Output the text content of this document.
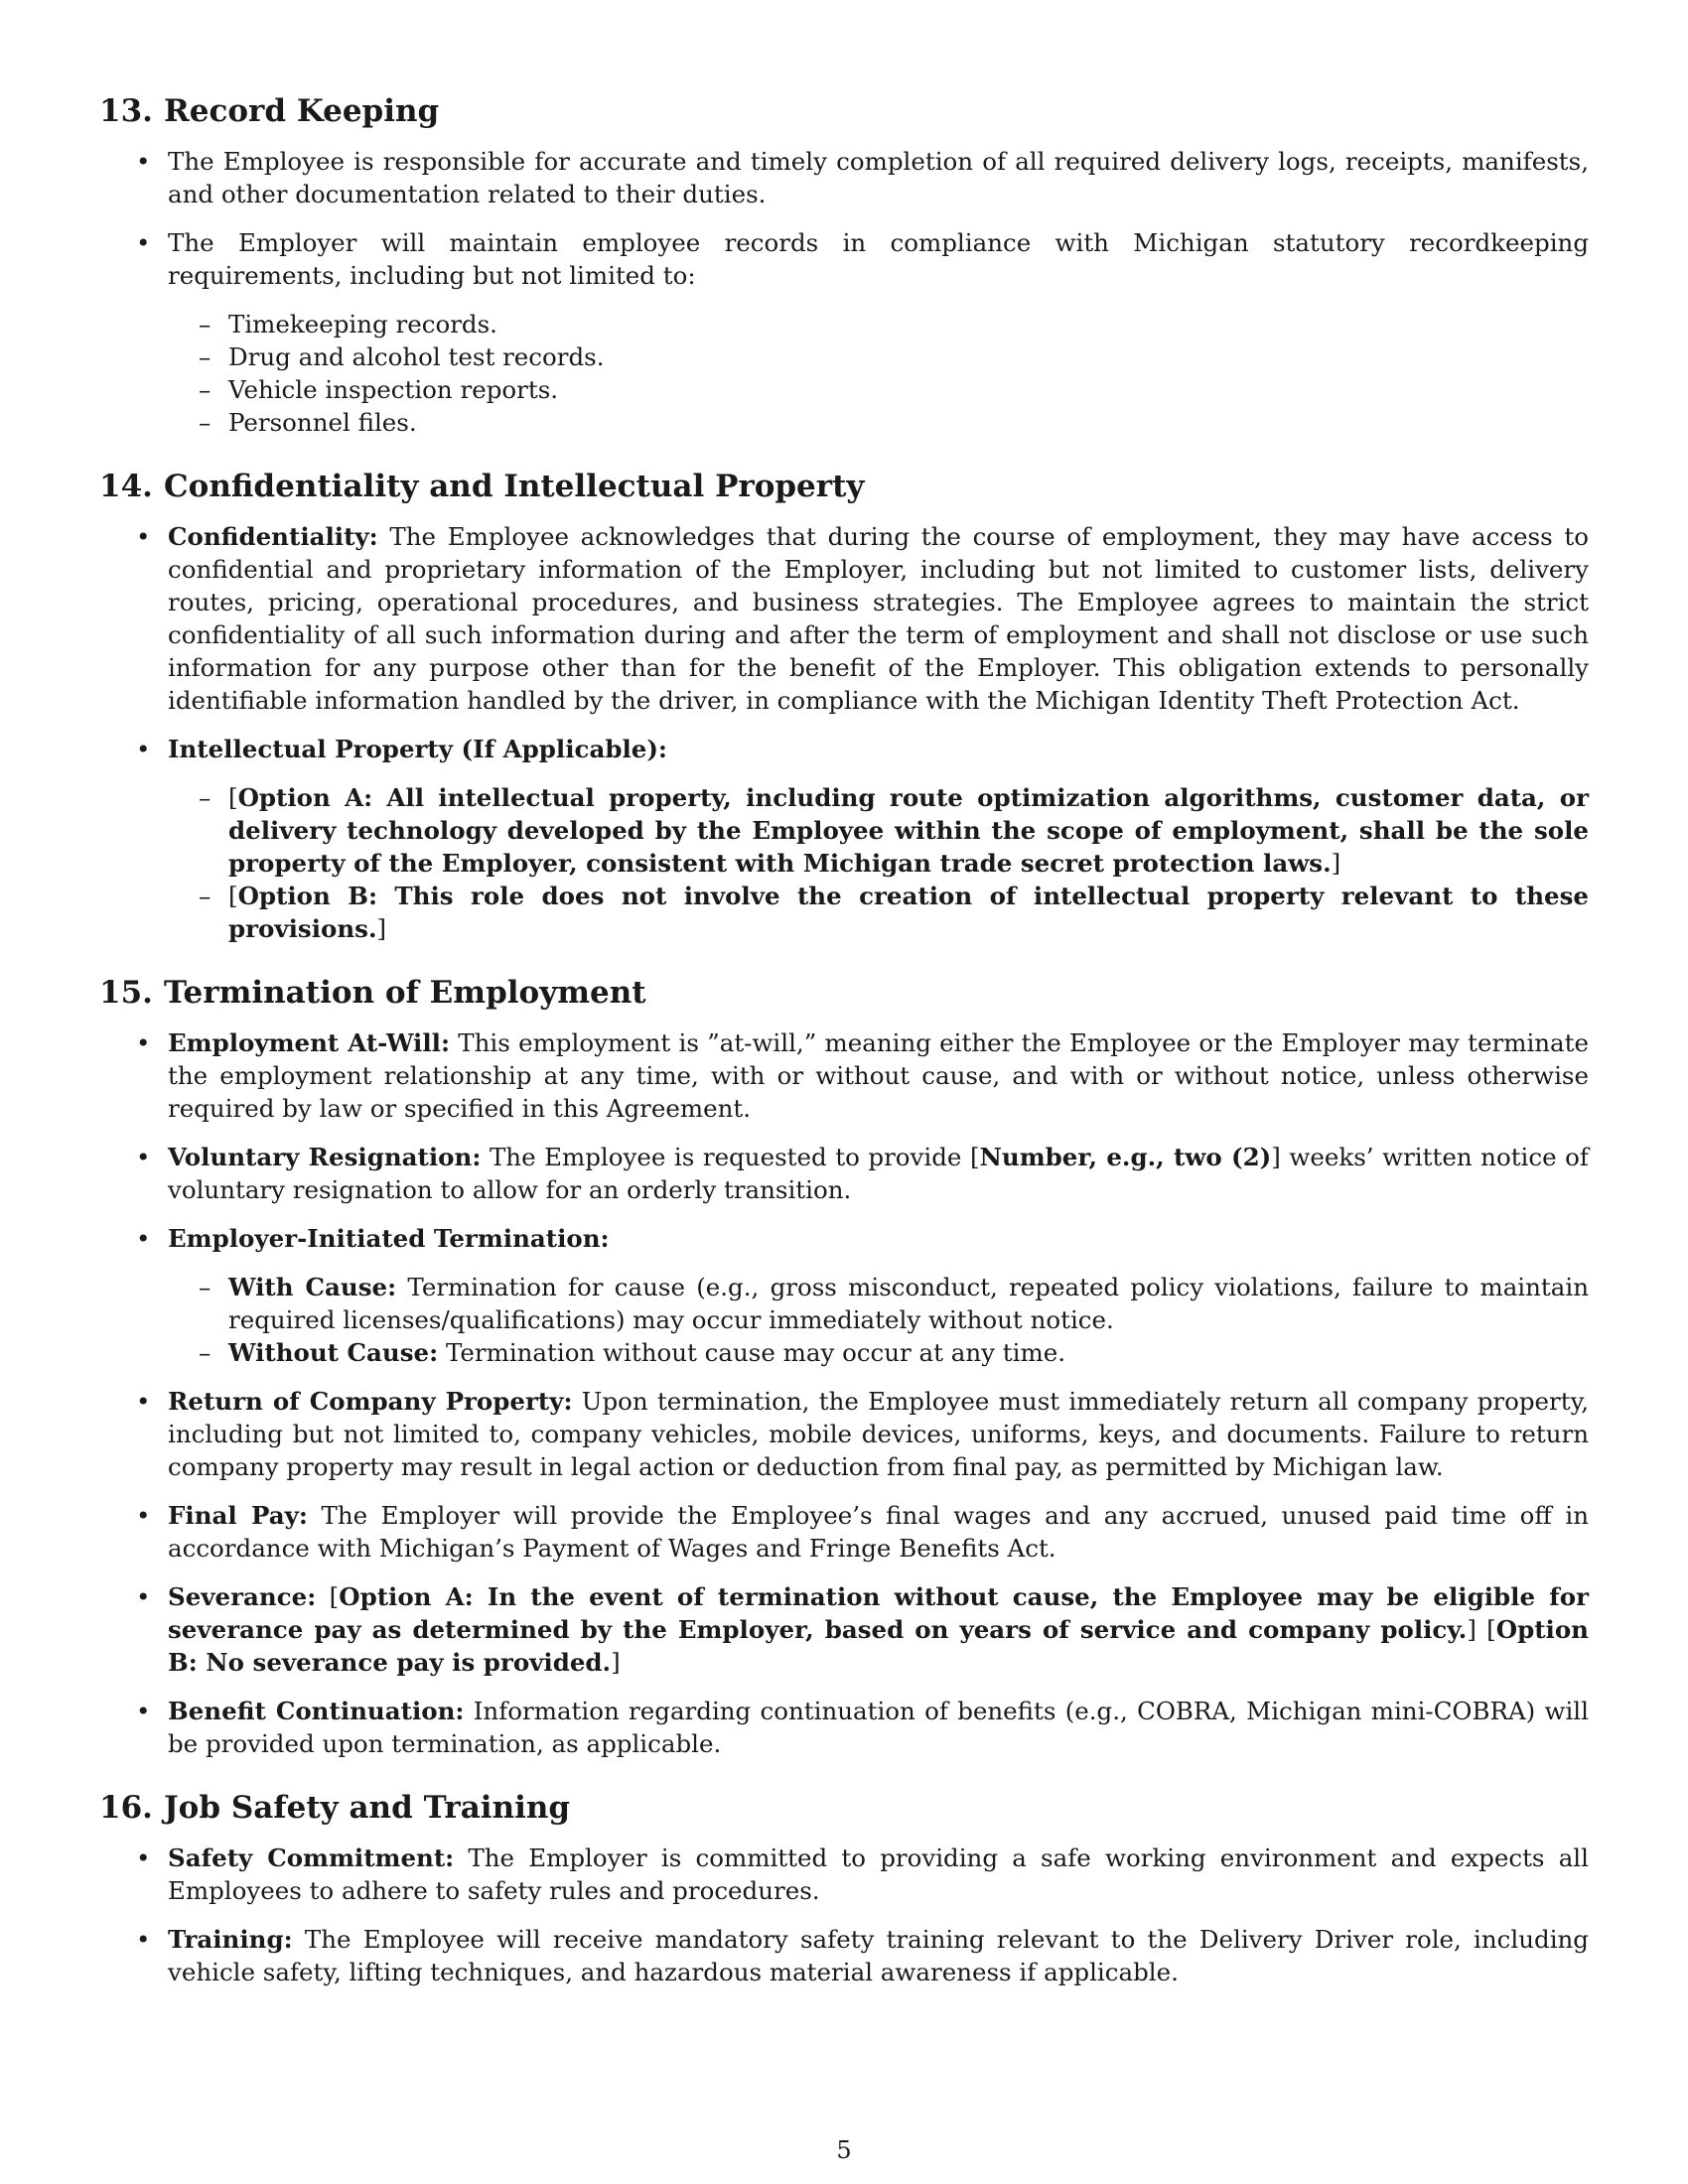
13. Record Keeping
• The Employee is responsible for accurate and timely completion of all required delivery logs, receipts, manifests, and other documentation related to their duties.
• The Employer will maintain employee records in compliance with Michigan statutory recordkeeping requirements, including but not limited to:
– Timekeeping records.
– Drug and alcohol test records.
– Vehicle inspection reports.
– Personnel files.
14. Confidentiality and Intellectual Property
• Confidentiality: The Employee acknowledges that during the course of employment, they may have access to confidential and proprietary information of the Employer, including but not limited to customer lists, delivery routes, pricing, operational procedures, and business strategies. The Employee agrees to maintain the strict confidentiality of all such information during and after the term of employment and shall not disclose or use such information for any purpose other than for the benefit of the Employer. This obligation extends to personally identifiable information handled by the driver, in compliance with the Michigan Identity Theft Protection Act.
• Intellectual Property (If Applicable):
– [Option A: All intellectual property, including route optimization algorithms, customer data, or delivery technology developed by the Employee within the scope of employment, shall be the sole property of the Employer, consistent with Michigan trade secret protection laws.]
– [Option B: This role does not involve the creation of intellectual property relevant to these provisions.]
15. Termination of Employment
• Employment At-Will: This employment is ”at-will,” meaning either the Employee or the Employer may terminate the employment relationship at any time, with or without cause, and with or without notice, unless otherwise required by law or specified in this Agreement.
• Voluntary Resignation: The Employee is requested to provide [Number, e.g., two (2)] weeks’ written notice of voluntary resignation to allow for an orderly transition.
• Employer-Initiated Termination:
– With Cause: Termination for cause (e.g., gross misconduct, repeated policy violations, failure to maintain required licenses/qualifications) may occur immediately without notice.
– Without Cause: Termination without cause may occur at any time.
• Return of Company Property: Upon termination, the Employee must immediately return all company property, including but not limited to, company vehicles, mobile devices, uniforms, keys, and documents. Failure to return company property may result in legal action or deduction from final pay, as permitted by Michigan law.
• Final Pay: The Employer will provide the Employee’s final wages and any accrued, unused paid time off in accordance with Michigan’s Payment of Wages and Fringe Benefits Act.
• Severance: [Option A: In the event of termination without cause, the Employee may be eligible for severance pay as determined by the Employer, based on years of service and company policy.] [Option B: No severance pay is provided.]
• Benefit Continuation: Information regarding continuation of benefits (e.g., COBRA, Michigan mini-COBRA) will be provided upon termination, as applicable.
16. Job Safety and Training
• Safety Commitment: The Employer is committed to providing a safe working environment and expects all Employees to adhere to safety rules and procedures.
• Training: The Employee will receive mandatory safety training relevant to the Delivery Driver role, including vehicle safety, lifting techniques, and hazardous material awareness if applicable.
5
